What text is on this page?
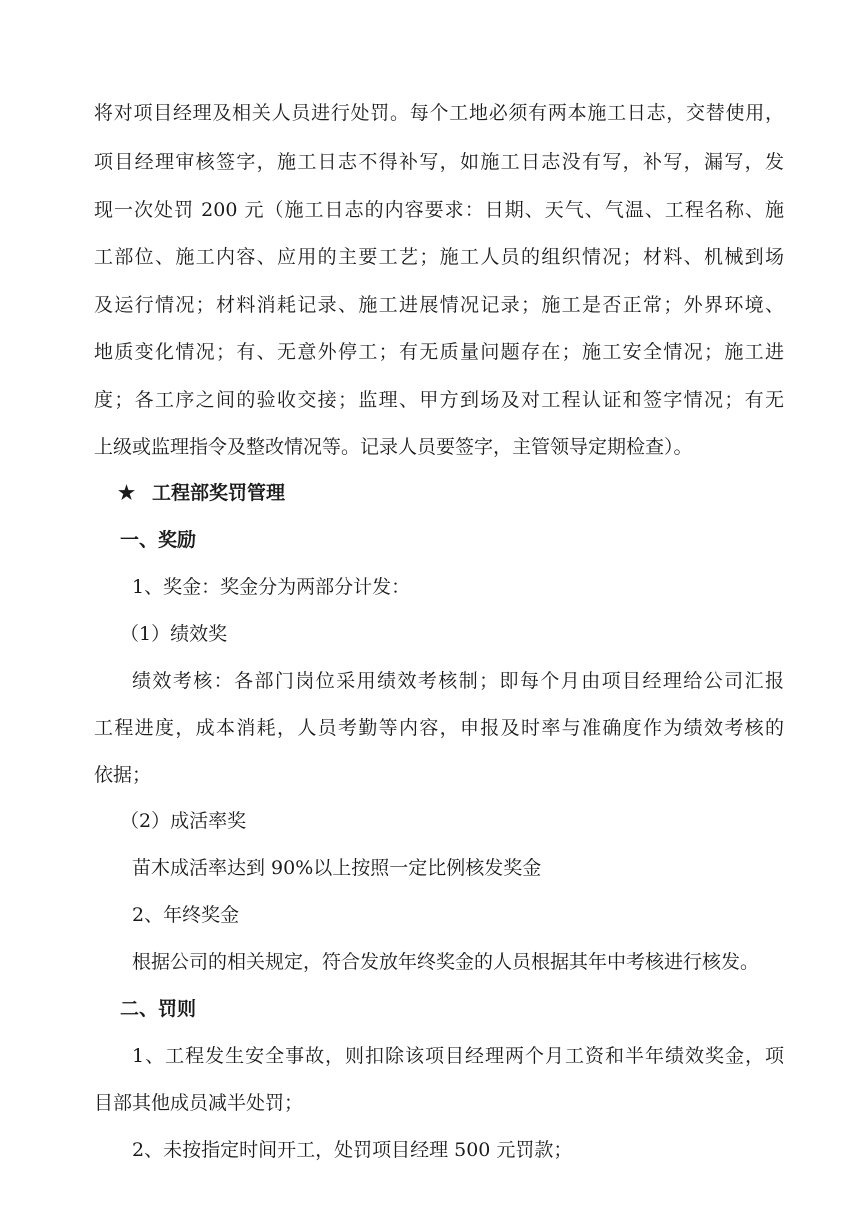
将对项目经理及相关人员进行处罚。每个工地必须有两本施工日志，交替使用，
项目经理审核签字，施工日志不得补写，如施工日志没有写，补写，漏写，发
现一次处罚 200 元（施工日志的内容要求：日期、天气、气温、工程名称、施
工部位、施工内容、应用的主要工艺；施工人员的组织情况；材料、机械到场
及运行情况；材料消耗记录、施工进展情况记录；施工是否正常；外界环境、
地质变化情况；有、无意外停工；有无质量问题存在；施工安全情况；施工进
度；各工序之间的验收交接；监理、甲方到场及对工程认证和签字情况；有无
上级或监理指令及整改情况等。记录人员要签字，主管领导定期检查）。
★ 工程部奖罚管理
一、奖励
1、奖金：奖金分为两部分计发：
（1）绩效奖
绩效考核：各部门岗位采用绩效考核制；即每个月由项目经理给公司汇报
工程进度，成本消耗，人员考勤等内容，申报及时率与准确度作为绩效考核的
依据；
（2）成活率奖
苗木成活率达到 90%以上按照一定比例核发奖金
2、年终奖金
根据公司的相关规定，符合发放年终奖金的人员根据其年中考核进行核发。
二、罚则
1、工程发生安全事故，则扣除该项目经理两个月工资和半年绩效奖金，项
目部其他成员减半处罚；
2、未按指定时间开工，处罚项目经理 500 元罚款；
